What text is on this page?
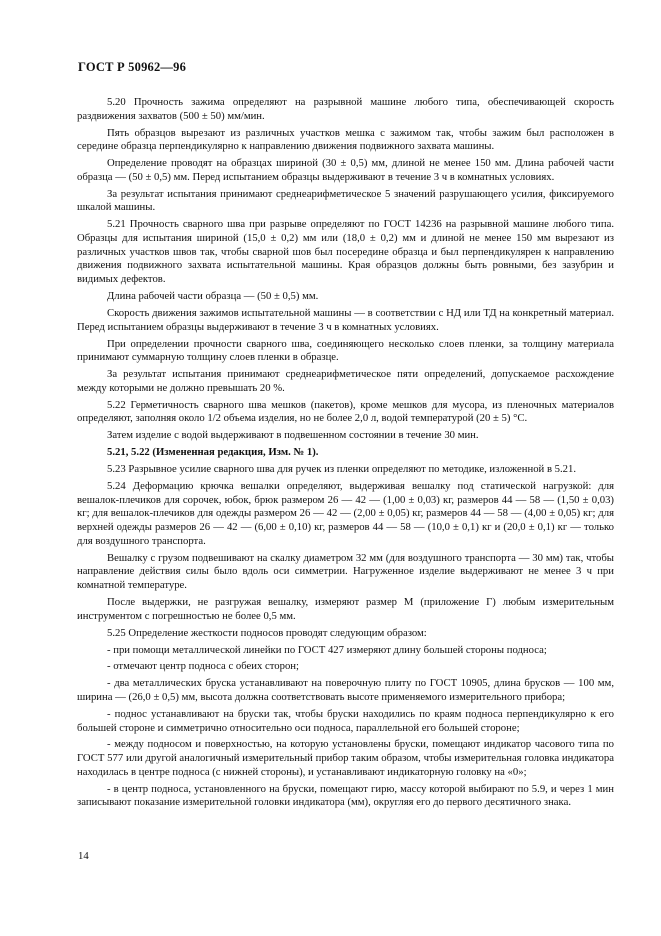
ГОСТ Р 50962—96

5.20 Прочность зажима определяют на разрывной машине любого типа, обеспечивающей скорость раздвижения захватов (500 ± 50) мм/мин.

Пять образцов вырезают из различных участков мешка с зажимом так, чтобы зажим был расположен в середине образца перпендикулярно к направлению движения подвижного захвата машины.

Определение проводят на образцах шириной (30 ± 0,5) мм, длиной не менее 150 мм. Длина рабочей части образца — (50 ± 0,5) мм. Перед испытанием образцы выдерживают в течение 3 ч в комнатных условиях.

За результат испытания принимают среднеарифметическое 5 значений разрушающего усилия, фиксируемого шкалой машины.

5.21 Прочность сварного шва при разрыве определяют по ГОСТ 14236 на разрывной машине любого типа. Образцы для испытания шириной (15,0 ± 0,2) мм или (18,0 ± 0,2) мм и длиной не менее 150 мм вырезают из различных участков швов так, чтобы сварной шов был посередине образца и был перпендикулярен к направлению движения подвижного захвата испытательной машины. Края образцов должны быть ровными, без зазубрин и видимых дефектов.

Длина рабочей части образца — (50 ± 0,5) мм.

Скорость движения зажимов испытательной машины — в соответствии с НД или ТД на конкретный материал. Перед испытанием образцы выдерживают в течение 3 ч в комнатных условиях.

При определении прочности сварного шва, соединяющего несколько слоев пленки, за толщину материала принимают суммарную толщину слоев пленки в образце.

За результат испытания принимают среднеарифметическое пяти определений, допускаемое расхождение между которыми не должно превышать 20 %.

5.22 Герметичность сварного шва мешков (пакетов), кроме мешков для мусора, из пленочных материалов определяют, заполняя около 1/2 объема изделия, но не более 2,0 л, водой температурой (20 ± 5) °С.

Затем изделие с водой выдерживают в подвешенном состоянии в течение 30 мин.

5.21, 5.22 (Измененная редакция, Изм. № 1).

5.23 Разрывное усилие сварного шва для ручек из пленки определяют по методике, изложенной в 5.21.

5.24 Деформацию крючка вешалки определяют, выдерживая вешалку под статической нагрузкой: для вешалок-плечиков для сорочек, юбок, брюк размером 26 — 42 — (1,00 ± 0,03) кг, размеров 44 — 58 — (1,50 ± 0,03) кг; для вешалок-плечиков для одежды размером 26 — 42 — (2,00 ± 0,05) кг, размеров 44 — 58 — (4,00 ± 0,05) кг; для верхней одежды размеров 26 — 42 — (6,00 ± 0,10) кг, размеров 44 — 58 — (10,0 ± 0,1) кг и (20,0 ± 0,1) кг — только для воздушного транспорта.

Вешалку с грузом подвешивают на скалку диаметром 32 мм (для воздушного транспорта — 30 мм) так, чтобы направление действия силы было вдоль оси симметрии. Нагруженное изделие выдерживают не менее 3 ч при комнатной температуре.

После выдержки, не разгружая вешалку, измеряют размер М (приложение Г) любым измерительным инструментом с погрешностью не более 0,5 мм.

5.25 Определение жесткости подносов проводят следующим образом:

- при помощи металлической линейки по ГОСТ 427 измеряют длину большей стороны подноса;

- отмечают центр подноса с обеих сторон;

- два металлических бруска устанавливают на поверочную плиту по ГОСТ 10905, длина брусков — 100 мм, ширина — (26,0 ± 0,5) мм, высота должна соответствовать высоте применяемого измерительного прибора;

- поднос устанавливают на бруски так, чтобы бруски находились по краям подноса перпендикулярно к его большей стороне и симметрично относительно оси подноса, параллельной его большей стороне;

- между подносом и поверхностью, на которую установлены бруски, помещают индикатор часового типа по ГОСТ 577 или другой аналогичный измерительный прибор таким образом, чтобы измерительная головка индикатора находилась в центре подноса (с нижней стороны), и устанавливают индикаторную головку на «0»;

- в центр подноса, установленного на бруски, помещают гирю, массу которой выбирают по 5.9, и через 1 мин записывают показание измерительной головки индикатора (мм), округляя его до первого десятичного знака.

14
